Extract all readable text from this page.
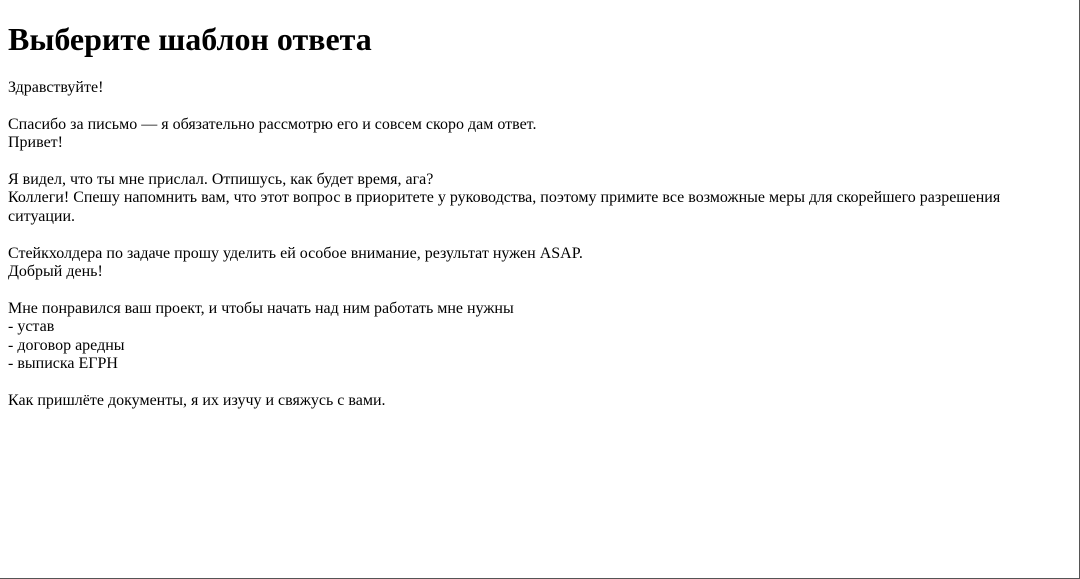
Выберите шаблон ответа
Здравствуйте!

Спасибо за письмо — я обязательно рассмотрю его и совсем скоро дам ответ.
Привет!

Я видел, что ты мне прислал. Отпишусь, как будет время, ага?
Коллеги! Спешу напомнить вам, что этот вопрос в приоритете у руководства, поэтому примите все возможные меры для скорейшего разрешения ситуации.

Стейкхолдера по задаче прошу уделить ей особое внимание, результат нужен ASAP.
Добрый день!

Мне понравился ваш проект, и чтобы начать над ним работать мне нужны
- устав
- договор аредны
- выписка ЕГРН

Как пришлёте документы, я их изучу и свяжусь с вами.
